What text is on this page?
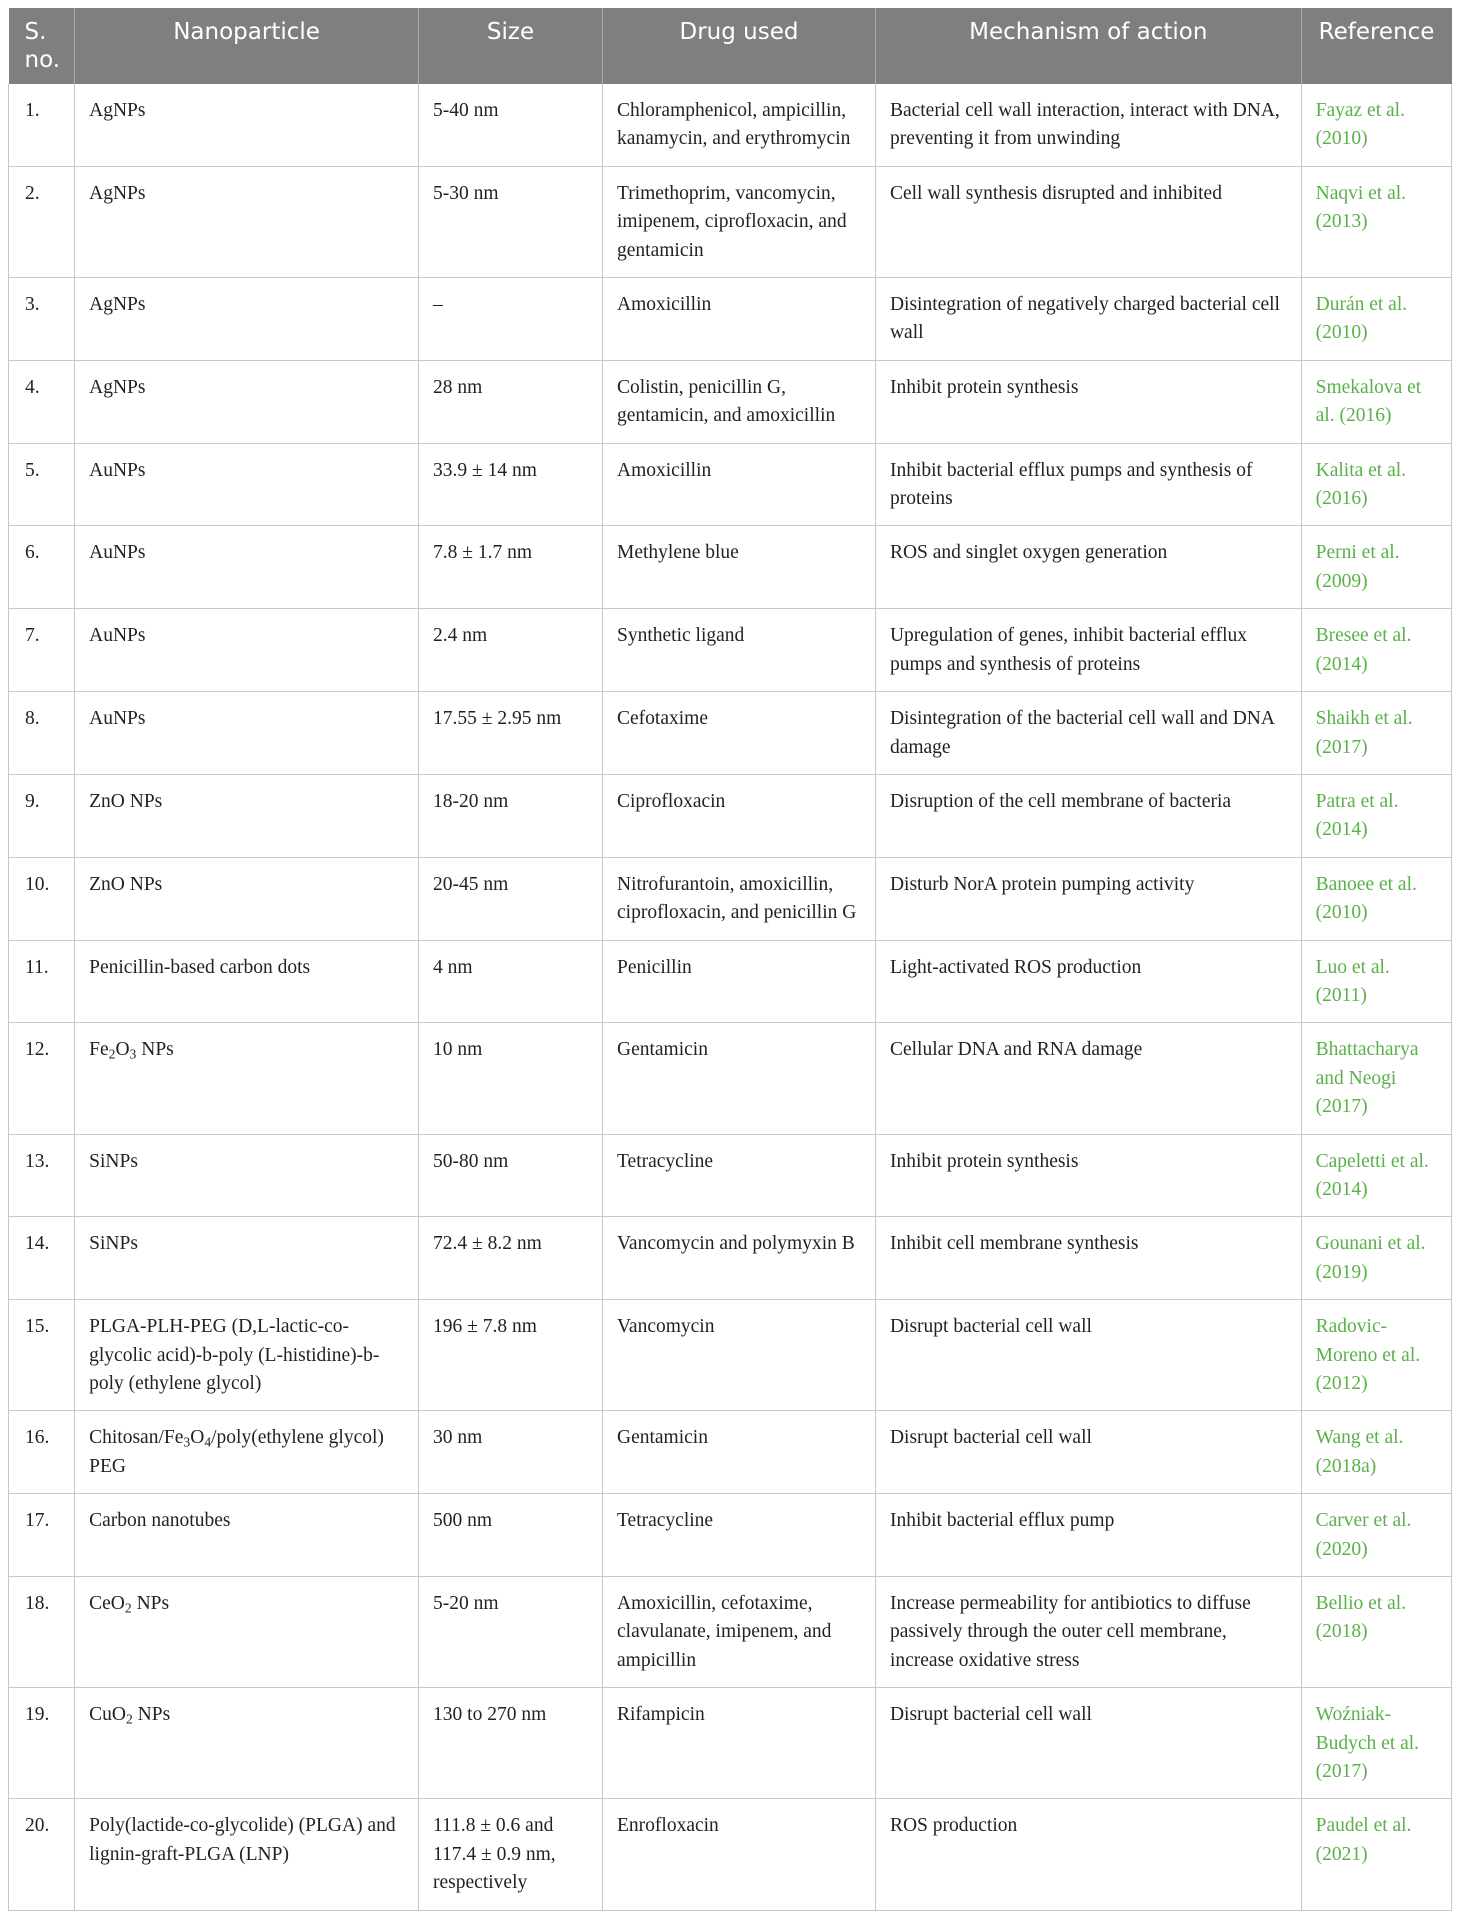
S. no.	Nanoparticle	Size	Drug used	Mechanism of action	Reference
1.	AgNPs	5-40 nm	Chloramphenicol, ampicillin, kanamycin, and erythromycin	Bacterial cell wall interaction, interact with DNA, preventing it from unwinding	Fayaz et al. (2010)
2.	AgNPs	5-30 nm	Trimethoprim, vancomycin, imipenem, ciprofloxacin, and gentamicin	Cell wall synthesis disrupted and inhibited	Naqvi et al. (2013)
3.	AgNPs	–	Amoxicillin	Disintegration of negatively charged bacterial cell wall	Durán et al. (2010)
4.	AgNPs	28 nm	Colistin, penicillin G, gentamicin, and amoxicillin	Inhibit protein synthesis	Smekalova et al. (2016)
5.	AuNPs	33.9 ± 14 nm	Amoxicillin	Inhibit bacterial efflux pumps and synthesis of proteins	Kalita et al. (2016)
6.	AuNPs	7.8 ± 1.7 nm	Methylene blue	ROS and singlet oxygen generation	Perni et al. (2009)
7.	AuNPs	2.4 nm	Synthetic ligand	Upregulation of genes, inhibit bacterial efflux pumps and synthesis of proteins	Bresee et al. (2014)
8.	AuNPs	17.55 ± 2.95 nm	Cefotaxime	Disintegration of the bacterial cell wall and DNA damage	Shaikh et al. (2017)
9.	ZnO NPs	18-20 nm	Ciprofloxacin	Disruption of the cell membrane of bacteria	Patra et al. (2014)
10.	ZnO NPs	20-45 nm	Nitrofurantoin, amoxicillin, ciprofloxacin, and penicillin G	Disturb NorA protein pumping activity	Banoee et al. (2010)
11.	Penicillin-based carbon dots	4 nm	Penicillin	Light-activated ROS production	Luo et al. (2011)
12.	$Fe_2O_3$ NPs	10 nm	Gentamicin	Cellular DNA and RNA damage	Bhattacharya and Neogi (2017)
13.	SiNPs	50-80 nm	Tetracycline	Inhibit protein synthesis	Capeletti et al. (2014)
14.	SiNPs	72.4 ± 8.2 nm	Vancomycin and polymyxin B	Inhibit cell membrane synthesis	Gounani et al. (2019)
15.	PLGA-PLH-PEG (D,L-lactic-co-glycolic acid)-b-poly (L-histidine)-b-poly (ethylene glycol)	196 ± 7.8 nm	Vancomycin	Disrupt bacterial cell wall	Radovic-Moreno et al. (2012)
16.	Chitosan/$Fe_3O_4/poly(ethylene$ glycol) PEG	30 nm	Gentamicin	Disrupt bacterial cell wall	Wang et al. (2018a)
17.	Carbon nanotubes	500 nm	Tetracycline	Inhibit bacterial efflux pump	Carver et al. (2020)
18.	CeO$_2$ NPs	5-20 nm	Amoxicillin, cefotaxime, clavulanate, imipenem, and ampicillin	Increase permeability for antibiotics to diffuse passively through the outer cell membrane, increase oxidative stress	Bellio et al. (2018)
19.	CuO$_2$ NPs	130 to 270 nm	Rifampicin	Disrupt bacterial cell wall	Woźniak-Budych et al. (2017)
20.	Poly(lactide-co-glycolide) (PLGA) and lignin-graft-PLGA (LNP)	111.8 ± 0.6 and 117.4 ± 0.9 nm, respectively	Enrofloxacin	ROS production	Paudel et al. (2021)
